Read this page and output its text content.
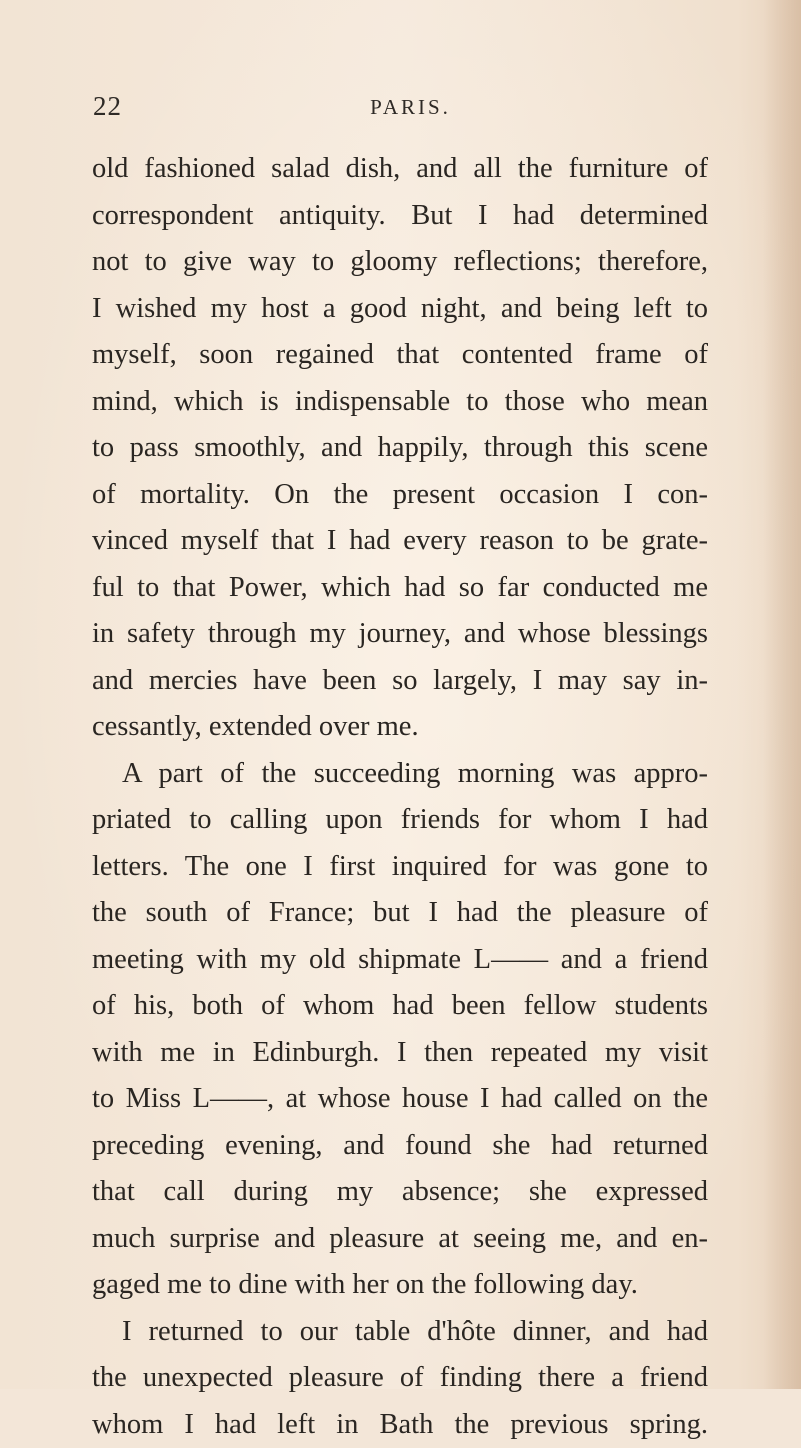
22	PARIS.
old fashioned salad dish, and all the furniture of
correspondent antiquity. But I had determined
not to give way to gloomy reflections; therefore,
I wished my host a good night, and being left to
myself, soon regained that contented frame of
mind, which is indispensable to those who mean
to pass smoothly, and happily, through this scene
of mortality. On the present occasion I con-
vinced myself that I had every reason to be grate-
ful to that Power, which had so far conducted me
in safety through my journey, and whose blessings
and mercies have been so largely, I may say in-
cessantly, extended over me.
A part of the succeeding morning was appro-
priated to calling upon friends for whom I had
letters. The one I first inquired for was gone to
the south of France; but I had the pleasure of
meeting with my old shipmate L—— and a friend
of his, both of whom had been fellow students
with me in Edinburgh. I then repeated my visit
to Miss L——, at whose house I had called on the
preceding evening, and found she had returned
that call during my absence; she expressed
much surprise and pleasure at seeing me, and en-
gaged me to dine with her on the following day.
I returned to our table d'hôte dinner, and had
the unexpected pleasure of finding there a friend
whom I had left in Bath the previous spring.
